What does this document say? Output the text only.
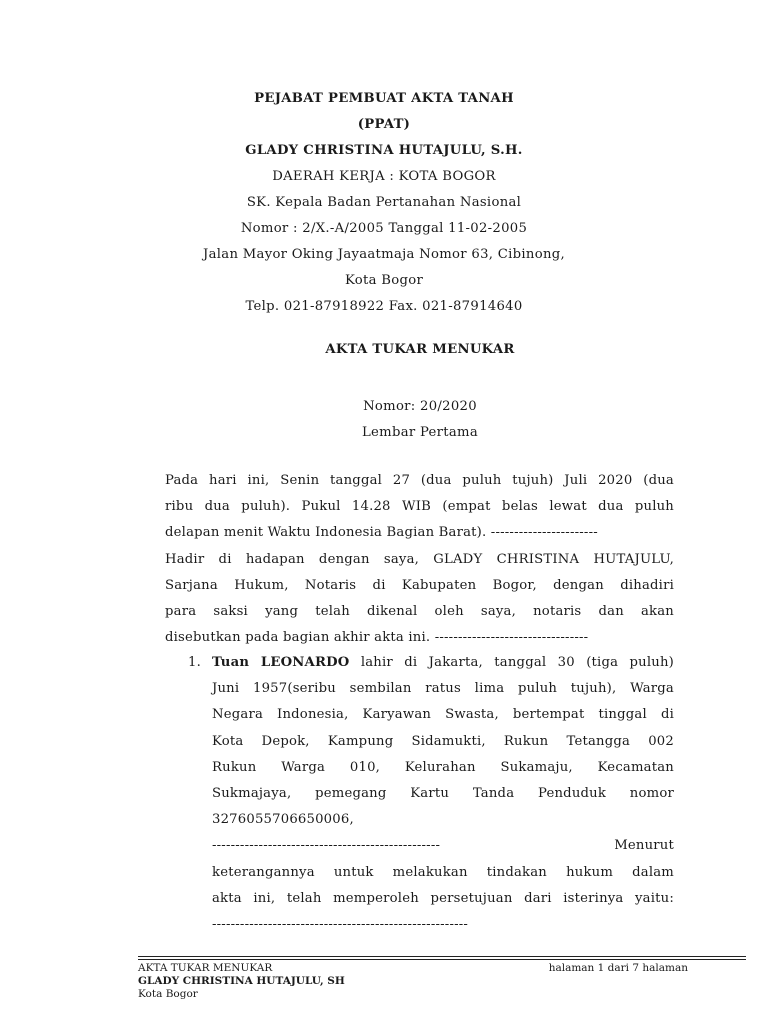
PEJABAT PEMBUAT AKTA TANAH
(PPAT)
GLADY CHRISTINA HUTAJULU, S.H.
DAERAH KERJA : KOTA BOGOR
SK. Kepala Badan Pertanahan Nasional
Nomor : 2/X.-A/2005 Tanggal 11-02-2005
Jalan Mayor Oking Jayaatmaja Nomor 63, Cibinong,
Kota Bogor
Telp. 021-87918922 Fax. 021-87914640
AKTA TUKAR MENUKAR
Nomor: 20/2020
Lembar Pertama
Pada hari ini, Senin tanggal 27 (dua puluh tujuh) Juli 2020 (dua
ribu dua puluh). Pukul 14.28 WIB (empat belas lewat dua puluh
delapan menit Waktu Indonesia Bagian Barat). -----------------------
Hadir di hadapan dengan saya, GLADY CHRISTINA HUTAJULU,
Sarjana Hukum, Notaris di Kabupaten Bogor, dengan dihadiri
para saksi yang telah dikenal oleh saya, notaris dan akan
disebutkan pada bagian akhir akta ini. ---------------------------------
1. Tuan LEONARDO lahir di Jakarta, tanggal 30 (tiga puluh)
Juni 1957(seribu sembilan ratus lima puluh tujuh), Warga
Negara Indonesia, Karyawan Swasta, bertempat tinggal di
Kota Depok, Kampung Sidamukti, Rukun Tetangga 002
Rukun Warga 010, Kelurahan Sukamaju, Kecamatan
Sukmajaya, pemegang Kartu Tanda Penduduk nomor
3276055706650006,
-------------------------------------------------	Menurut
keterangannya untuk melakukan tindakan hukum dalam
akta ini, telah memperoleh persetujuan dari isterinya yaitu:
-------------------------------------------------------
AKTA TUKAR MENUKAR
GLADY CHRISTINA HUTAJULU, SH
Kota Bogor
halaman 1 dari 7 halaman
